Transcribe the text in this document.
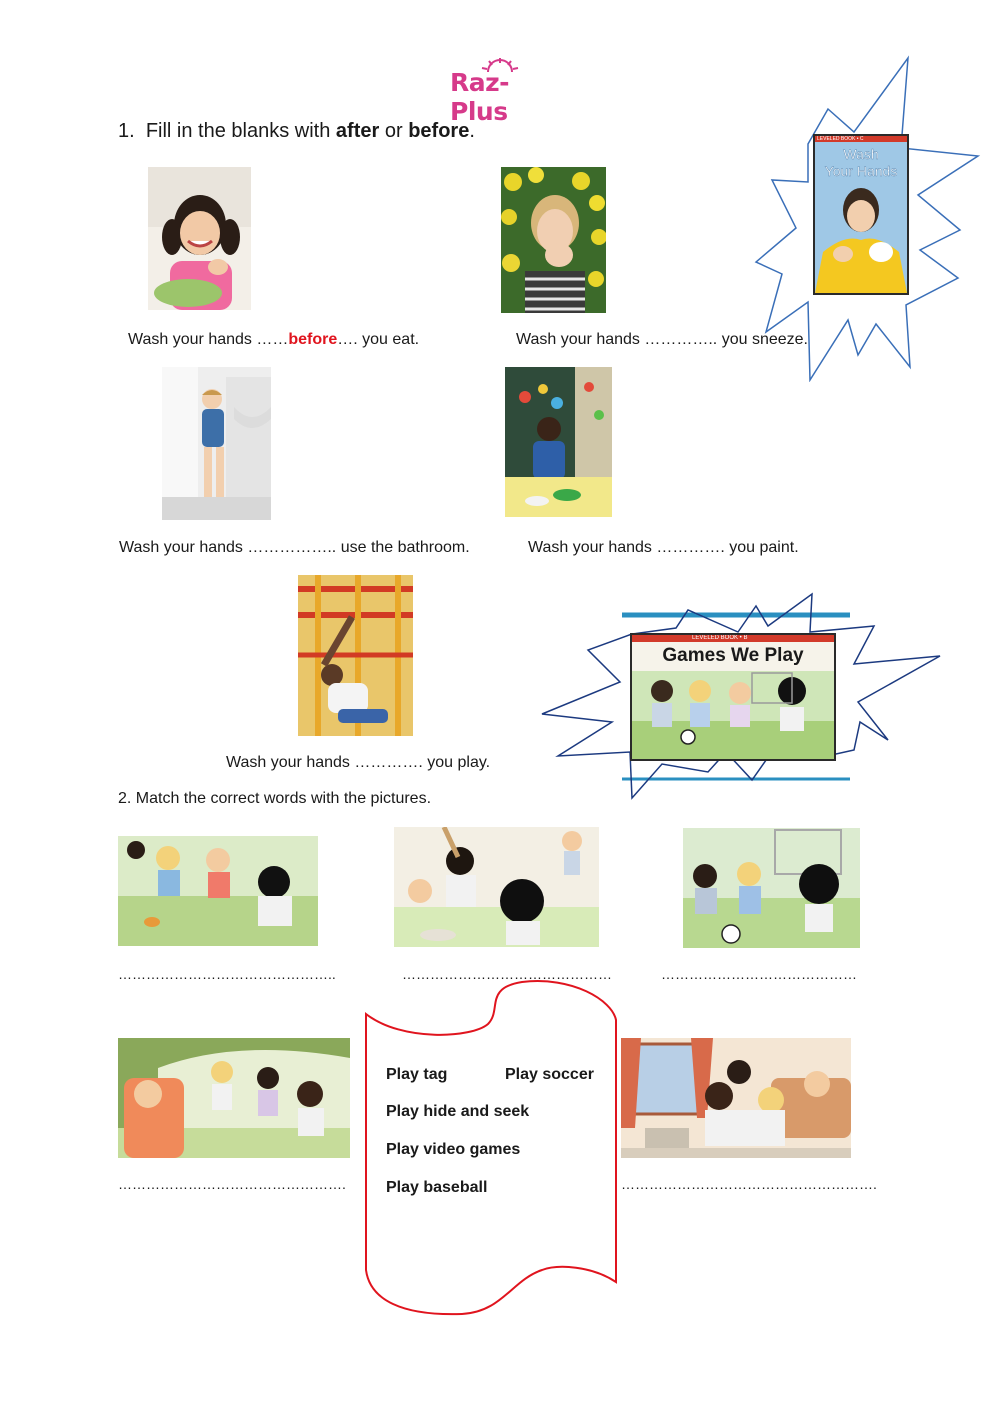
Raz-Plus
1. Fill in the blanks with after or before.
Wash your hands ……before…. you eat.	Wash your hands ………….. you sneeze.
Wash your hands …………….. use the bathroom.	Wash your hands …………. you paint.
Wash your hands …………. you play.
LEVELED BOOK • C
Wash
Your Hands
LEVELED BOOK • B
Games We Play
2. Match the correct words with the pictures.
………………………………………..	………………………………………	……………………………………
Play tag	Play soccer
Play hide and seek
Play video games
Play baseball
………………………………………….	……………………………………………….
